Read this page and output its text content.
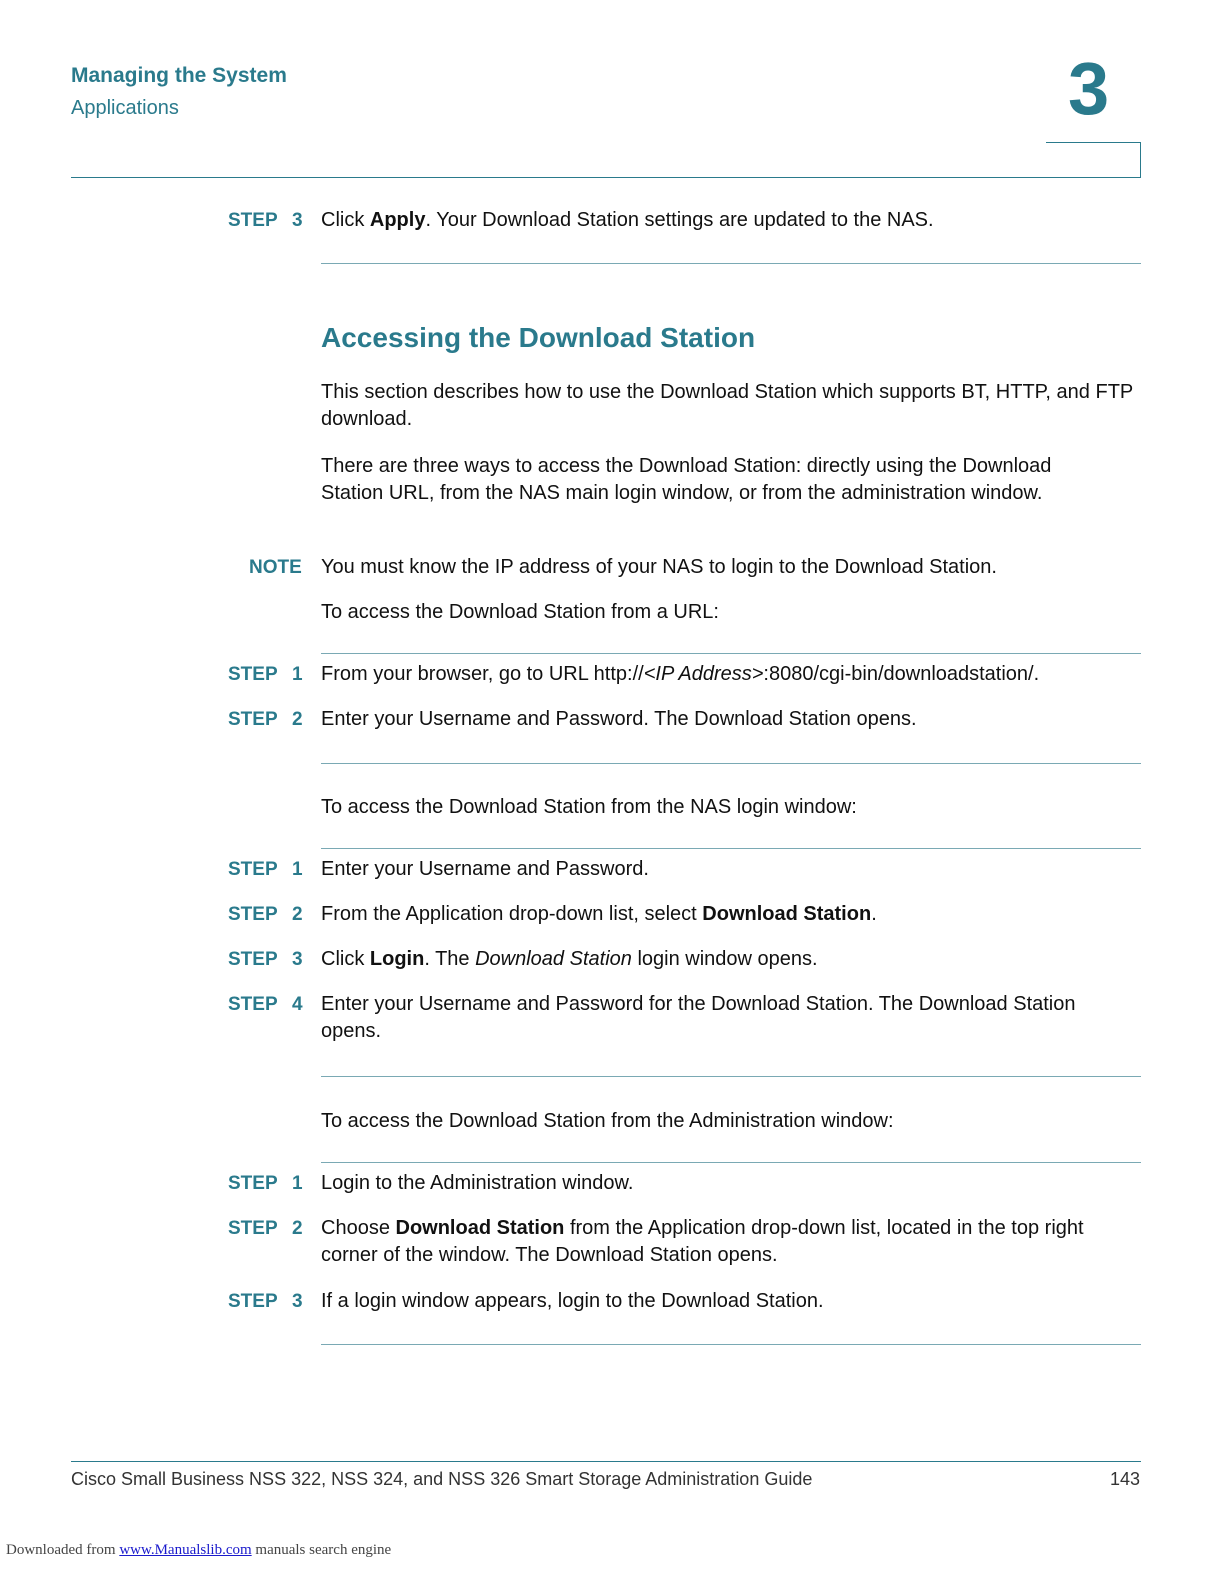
Managing the System
Applications	3
STEP 3 Click Apply. Your Download Station settings are updated to the NAS.
Accessing the Download Station
This section describes how to use the Download Station which supports BT, HTTP, and FTP download.
There are three ways to access the Download Station: directly using the Download Station URL, from the NAS main login window, or from the administration window.
NOTE You must know the IP address of your NAS to login to the Download Station.
To access the Download Station from a URL:
STEP 1 From your browser, go to URL http://<IP Address>:8080/cgi-bin/downloadstation/.
STEP 2 Enter your Username and Password. The Download Station opens.
To access the Download Station from the NAS login window:
STEP 1 Enter your Username and Password.
STEP 2 From the Application drop-down list, select Download Station.
STEP 3 Click Login. The Download Station login window opens.
STEP 4 Enter your Username and Password for the Download Station. The Download Station opens.
To access the Download Station from the Administration window:
STEP 1 Login to the Administration window.
STEP 2 Choose Download Station from the Application drop-down list, located in the top right corner of the window. The Download Station opens.
STEP 3 If a login window appears, login to the Download Station.
Cisco Small Business NSS 322, NSS 324, and NSS 326 Smart Storage Administration Guide	143
Downloaded from www.Manualslib.com manuals search engine
